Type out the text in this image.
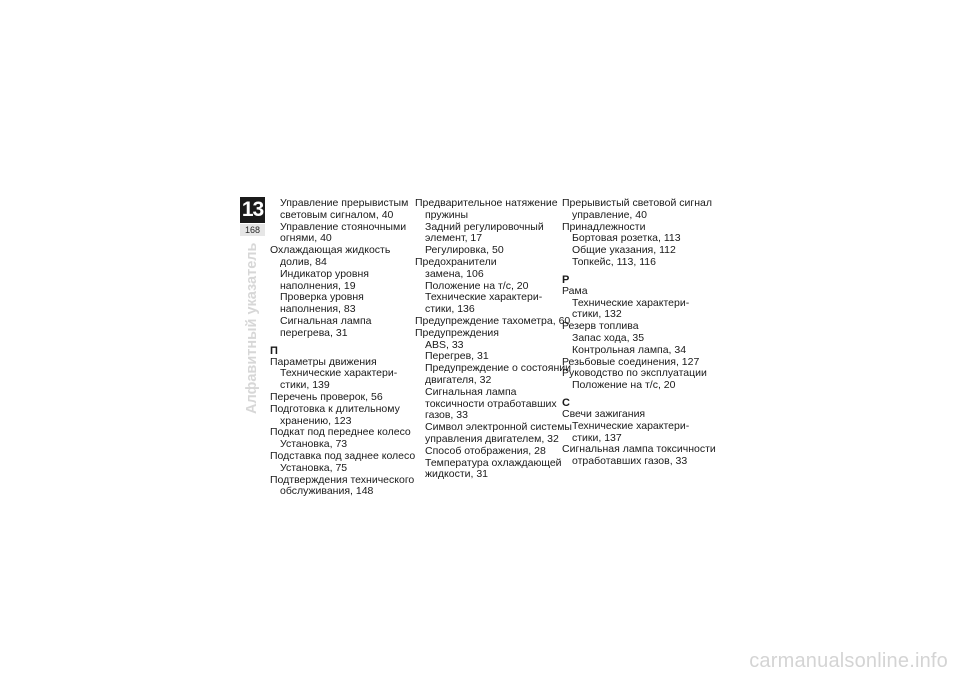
13
168
Алфавитный указатель
Управление прерывистым
световым сигналом, 40
Управление стояночными
огнями, 40
Охлаждающая жидкость
долив, 84
Индикатор уровня
наполнения, 19
Проверка уровня
наполнения, 83
Сигнальная лампа
перегрева, 31
П
Параметры движения
Технические характери-
стики, 139
Перечень проверок, 56
Подготовка к длительному
хранению, 123
Подкат под переднее колесо
Установка, 73
Подставка под заднее колесо
Установка, 75
Подтверждения технического
обслуживания, 148
Предварительное натяжение
пружины
Задний регулировочный
элемент, 17
Регулировка, 50
Предохранители
замена, 106
Положение на т/с, 20
Технические характери-
стики, 136
Предупреждение тахометра, 60
Предупреждения
ABS, 33
Перегрев, 31
Предупреждение о состоянии
двигателя, 32
Сигнальная лампа
токсичности отработавших
газов, 33
Символ электронной системы
управления двигателем, 32
Способ отображения, 28
Температура охлаждающей
жидкости, 31
Прерывистый световой сигнал
управление, 40
Принадлежности
Бортовая розетка, 113
Общие указания, 112
Топкейс, 113, 116
Р
Рама
Технические характери-
стики, 132
Резерв топлива
Запас хода, 35
Контрольная лампа, 34
Резьбовые соединения, 127
Руководство по эксплуатации
Положение на т/с, 20
С
Свечи зажигания
Технические характери-
стики, 137
Сигнальная лампа токсичности
отработавших газов, 33
carmanualsonline.info
